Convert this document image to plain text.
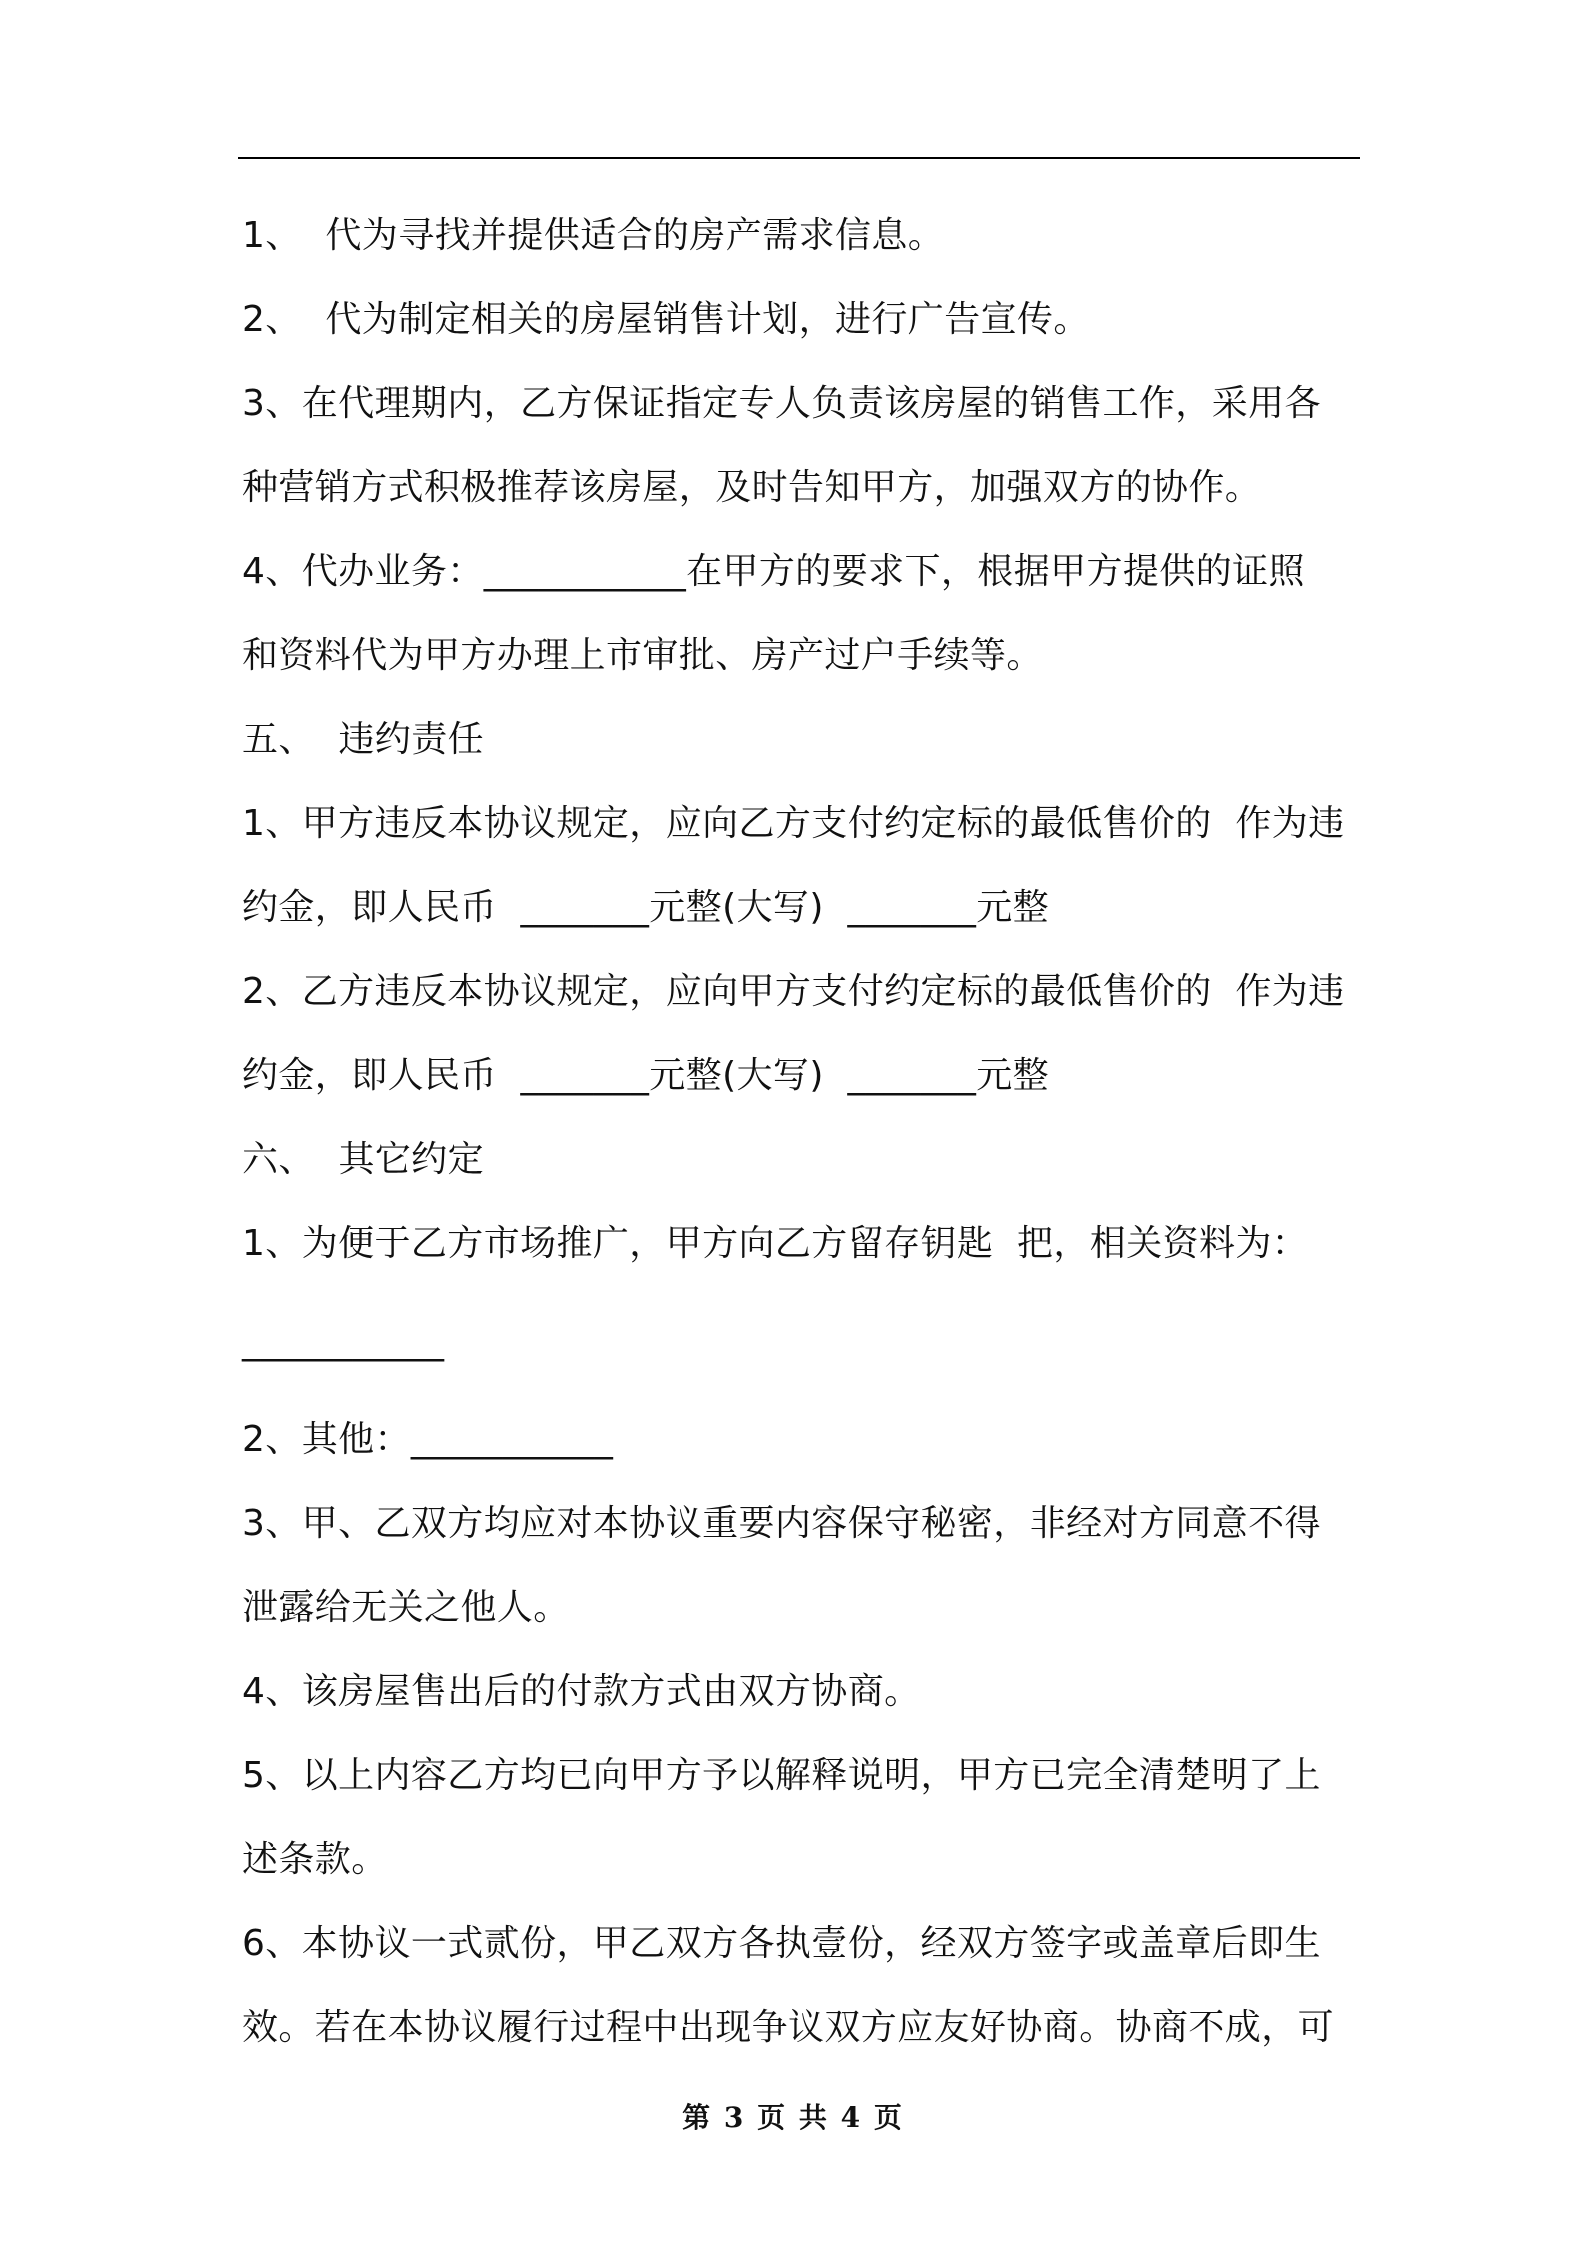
1、  代为寻找并提供适合的房产需求信息。
2、  代为制定相关的房屋销售计划，进行广告宣传。
3、在代理期内，乙方保证指定专人负责该房屋的销售工作，采用各
种营销方式积极推荐该房屋，及时告知甲方，加强双方的协作。
4、代办业务：___________在甲方的要求下，根据甲方提供的证照
和资料代为甲方办理上市审批、房产过户手续等。
五、  违约责任
1、甲方违反本协议规定，应向乙方支付约定标的最低售价的  作为违
约金，即人民币  _______元整(大写)  _______元整
2、乙方违反本协议规定，应向甲方支付约定标的最低售价的  作为违
约金，即人民币  _______元整(大写)  _______元整
六、  其它约定
1、为便于乙方市场推广，甲方向乙方留存钥匙  把，相关资料为：
___________
2、其他：___________
3、甲、乙双方均应对本协议重要内容保守秘密，非经对方同意不得
泄露给无关之他人。
4、该房屋售出后的付款方式由双方协商。
5、以上内容乙方均已向甲方予以解释说明，甲方已完全清楚明了上
述条款。
6、本协议一式贰份，甲乙双方各执壹份，经双方签字或盖章后即生
效。若在本协议履行过程中出现争议双方应友好协商。协商不成，可
第 3 页 共 4 页
